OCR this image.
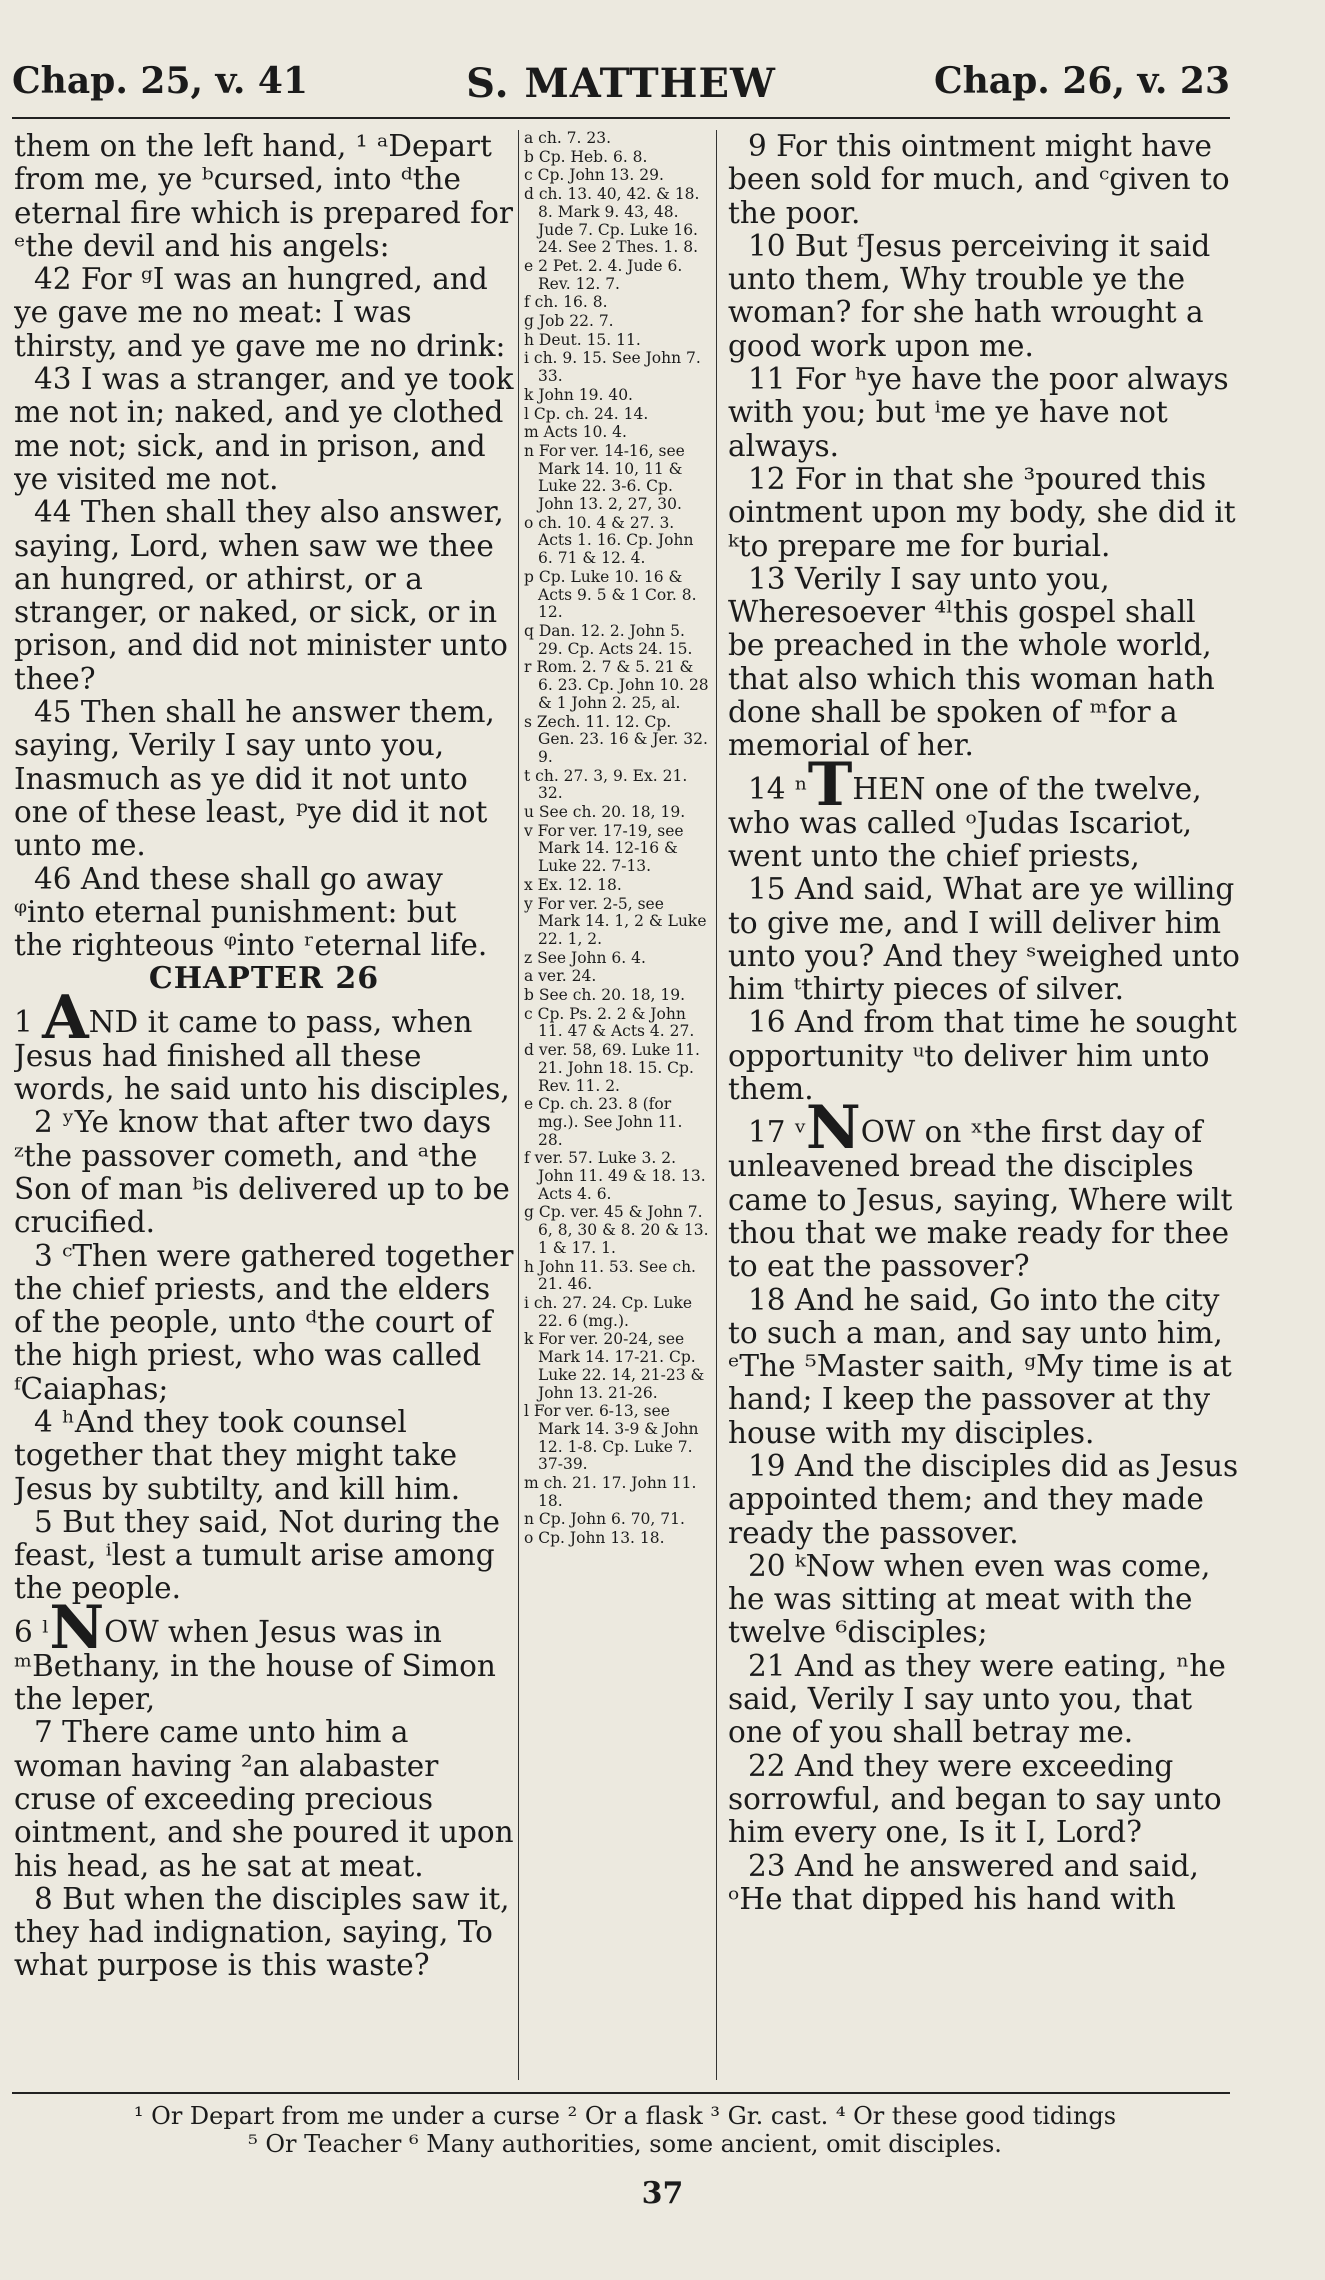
Chap. 25, v. 41	S. MATTHEW	Chap. 26, v. 23

them on the left hand, ¹ ᵃDepart from me, ye ᵇcursed, into ᵈthe eternal fire which is prepared for ᵉthe devil and his angels:

42 For ᵍI was an hungred, and ye gave me no meat: I was thirsty, and ye gave me no drink:

43 I was a stranger, and ye took me not in; naked, and ye clothed me not; sick, and in prison, and ye visited me not.

44 Then shall they also answer, saying, Lord, when saw we thee an hungred, or athirst, or a stranger, or naked, or sick, or in prison, and did not minister unto thee?

45 Then shall he answer them, saying, Verily I say unto you, Inasmuch as ye did it not unto one of these least, ᵖye did it not unto me.

46 And these shall go away ᵠinto eternal punishment: but the righteous ᵠinto ʳeternal life.

CHAPTER 26

1 AND it came to pass, when Jesus had finished all these words, he said unto his disciples,

2 ʸYe know that after two days ᶻthe passover cometh, and ᵃthe Son of man ᵇis delivered up to be crucified.

3 ᶜThen were gathered together the chief priests, and the elders of the people, unto ᵈthe court of the high priest, who was called ᶠCaiaphas;

4 ʰAnd they took counsel together that they might take Jesus by subtilty, and kill him.

5 But they said, Not during the feast, ⁱlest a tumult arise among the people.

6 ˡNOW when Jesus was in ᵐBethany, in the house of Simon the leper,

7 There came unto him a woman having ²an alabaster cruse of exceeding precious ointment, and she poured it upon his head, as he sat at meat.

8 But when the disciples saw it, they had indignation, saying, To what purpose is this waste?

a ch. 7. 23.

b Cp. Heb. 6. 8.

c Cp. John 13. 29.

d ch. 13. 40, 42. & 18. 8. Mark 9. 43, 48. Jude 7. Cp. Luke 16. 24. See 2 Thes. 1. 8.

e 2 Pet. 2. 4. Jude 6. Rev. 12. 7.

f ch. 16. 8.

g Job 22. 7.

h Deut. 15. 11.

i ch. 9. 15. See John 7. 33.

k John 19. 40.

l Cp. ch. 24. 14.

m Acts 10. 4.

n For ver. 14-16, see Mark 14. 10, 11 & Luke 22. 3-6. Cp. John 13. 2, 27, 30.

o ch. 10. 4 & 27. 3. Acts 1. 16. Cp. John 6. 71 & 12. 4.

p Cp. Luke 10. 16 & Acts 9. 5 & 1 Cor. 8. 12.

q Dan. 12. 2. John 5. 29. Cp. Acts 24. 15.

r Rom. 2. 7 & 5. 21 & 6. 23. Cp. John 10. 28 & 1 John 2. 25, al.

s Zech. 11. 12. Cp. Gen. 23. 16 & Jer. 32. 9.

t ch. 27. 3, 9. Ex. 21. 32.

u See ch. 20. 18, 19.

v For ver. 17-19, see Mark 14. 12-16 & Luke 22. 7-13.

x Ex. 12. 18.

y For ver. 2-5, see Mark 14. 1, 2 & Luke 22. 1, 2.

z See John 6. 4.

a ver. 24.

b See ch. 20. 18, 19.

c Cp. Ps. 2. 2 & John 11. 47 & Acts 4. 27.

d ver. 58, 69. Luke 11. 21. John 18. 15. Cp. Rev. 11. 2.

e Cp. ch. 23. 8 (for mg.). See John 11. 28.

f ver. 57. Luke 3. 2. John 11. 49 & 18. 13. Acts 4. 6.

g Cp. ver. 45 & John 7. 6, 8, 30 & 8. 20 & 13. 1 & 17. 1.

h John 11. 53. See ch. 21. 46.

i ch. 27. 24. Cp. Luke 22. 6 (mg.).

k For ver. 20-24, see Mark 14. 17-21. Cp. Luke 22. 14, 21-23 & John 13. 21-26.

l For ver. 6-13, see Mark 14. 3-9 & John 12. 1-8. Cp. Luke 7. 37-39.

m ch. 21. 17. John 11. 18.

n Cp. John 6. 70, 71.

o Cp. John 13. 18.

9 For this ointment might have been sold for much, and ᶜgiven to the poor.

10 But ᶠJesus perceiving it said unto them, Why trouble ye the woman? for she hath wrought a good work upon me.

11 For ʰye have the poor always with you; but ⁱme ye have not always.

12 For in that she ³poured this ointment upon my body, she did it ᵏto prepare me for burial.

13 Verily I say unto you, Wheresoever ⁴ˡthis gospel shall be preached in the whole world, that also which this woman hath done shall be spoken of ᵐfor a memorial of her.

14 ⁿTHEN one of the twelve, who was called ᵒJudas Iscariot, went unto the chief priests,

15 And said, What are ye willing to give me, and I will deliver him unto you? And they ˢweighed unto him ᵗthirty pieces of silver.

16 And from that time he sought opportunity ᵘto deliver him unto them.

17 ᵛNOW on ˣthe first day of unleavened bread the disciples came to Jesus, saying, Where wilt thou that we make ready for thee to eat the passover?

18 And he said, Go into the city to such a man, and say unto him, ᵉThe ⁵Master saith, ᵍMy time is at hand; I keep the passover at thy house with my disciples.

19 And the disciples did as Jesus appointed them; and they made ready the passover.

20 ᵏNow when even was come, he was sitting at meat with the twelve ⁶disciples;

21 And as they were eating, ⁿhe said, Verily I say unto you, that one of you shall betray me.

22 And they were exceeding sorrowful, and began to say unto him every one, Is it I, Lord?

23 And he answered and said, ᵒHe that dipped his hand with

¹ Or Depart from me under a curse ² Or a flask ³ Gr. cast. ⁴ Or these good tidings

⁵ Or Teacher ⁶ Many authorities, some ancient, omit disciples.

37
